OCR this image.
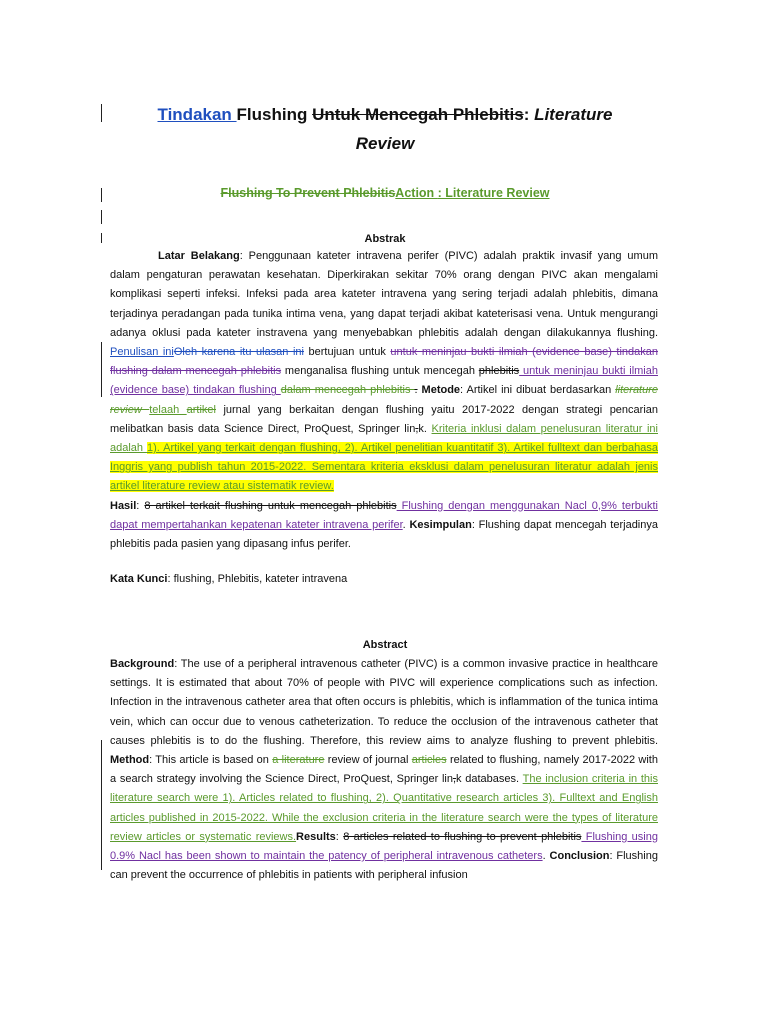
Tindakan Flushing Untuk Mencegah Phlebitis: Literature
Review
Flushing To Prevent PhlebitisAction : Literature Review
Abstrak
Latar Belakang: Penggunaan kateter intravena perifer (PIVC) adalah praktik invasif yang umum dalam pengaturan perawatan kesehatan. Diperkirakan sekitar 70% orang dengan PIVC akan mengalami komplikasi seperti infeksi. Infeksi pada area kateter intravena yang sering terjadi adalah phlebitis, dimana terjadinya peradangan pada tunika intima vena, yang dapat terjadi akibat kateterisasi vena. Untuk mengurangi adanya oklusi pada kateter instravena yang menyebabkan phlebitis adalah dengan dilakukannya flushing. Penulisan iniOleh karena itu ulasan ini bertujuan untuk untuk meninjau bukti ilmiah (evidence base) tindakan flushing dalam mencegah phlebitis menganalisa flushing untuk mencegah phlebitis untuk meninjau bukti ilmiah (evidence base) tindakan flushing dalam mencegah phlebitis . Metode: Artikel ini dibuat berdasarkan literature review telaah artikel jurnal yang berkaitan dengan flushing yaitu 2017-2022 dengan strategi pencarian melibatkan basis data Science Direct, ProQuest, Springer lin,k. Kriteria inklusi dalam penelusuran literatur ini adalah 1). Artikel yang terkait dengan flushing, 2). Artikel penelitian kuantitatif 3). Artikel fulltext dan berbahasa Inggris yang publish tahun 2015-2022. Sementara kriteria eksklusi dalam penelusuran literatur adalah jenis artikel literature review atau sistematik review.
Hasil: 8 artikel terkait flushing untuk mencegah phlebitis Flushing dengan menggunakan Nacl 0,9% terbukti dapat mempertahankan kepatenan kateter intravena perifer. Kesimpulan: Flushing dapat mencegah terjadinya phlebitis pada pasien yang dipasang infus perifer.
Kata Kunci: flushing, Phlebitis, kateter intravena
Abstract
Background: The use of a peripheral intravenous catheter (PIVC) is a common invasive practice in healthcare settings. It is estimated that about 70% of people with PIVC will experience complications such as infection. Infection in the intravenous catheter area that often occurs is phlebitis, which is inflammation of the tunica intima vein, which can occur due to venous catheterization. To reduce the occlusion of the intravenous catheter that causes phlebitis is to do the flushing. Therefore, this review aims to analyze flushing to prevent phlebitis. Method: This article is based on a literature review of journal articles related to flushing, namely 2017-2022 with a search strategy involving the Science Direct, ProQuest, Springer lin,k databases. The inclusion criteria in this literature search were 1). Articles related to flushing, 2). Quantitative research articles 3). Fulltext and English articles published in 2015-2022. While the exclusion criteria in the literature search were the types of literature review articles or systematic reviews.Results: 8 articles related to flushing to prevent phlebitis Flushing using 0.9% Nacl has been shown to maintain the patency of peripheral intravenous catheters. Conclusion: Flushing can prevent the occurrence of phlebitis in patients with peripheral infusion
